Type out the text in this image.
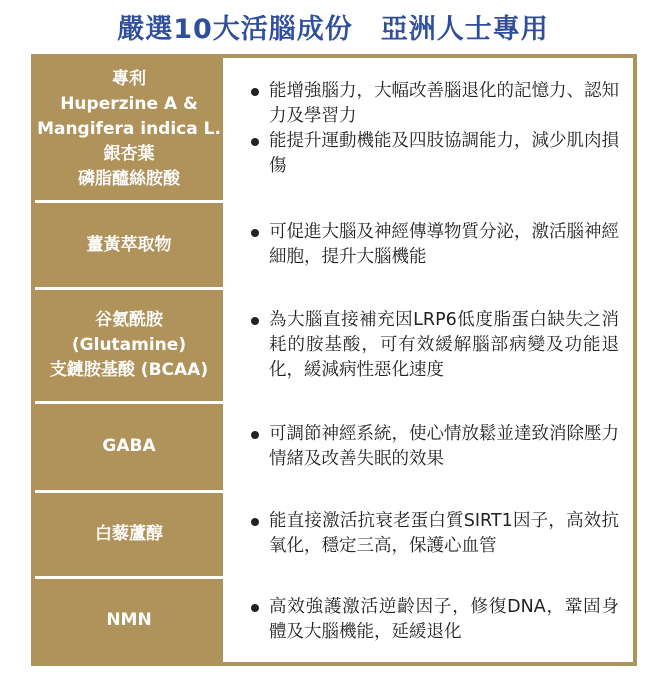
嚴選10大活腦成份　亞洲人士專用
專利
Huperzine A &
Mangifera indica L.
銀杏葉
磷脂醯絲胺酸
能增強腦力，大幅改善腦退化的記憶力、認知力及學習力
能提升運動機能及四肢協調能力，減少肌肉損傷
薑黃萃取物
可促進大腦及神經傳導物質分泌，激活腦神經細胞，提升大腦機能
谷氨酰胺
(Glutamine)
支鏈胺基酸 (BCAA)
為大腦直接補充因LRP6低度脂蛋白缺失之消耗的胺基酸，可有效緩解腦部病變及功能退化，緩減病性惡化速度
GABA
可調節神經系統，使心情放鬆並達致消除壓力情緒及改善失眠的效果
白藜蘆醇
能直接激活抗衰老蛋白質SIRT1因子，高效抗氧化，穩定三高，保護心血管
NMN
高效強護激活逆齡因子，修復DNA，鞏固身體及大腦機能，延緩退化
